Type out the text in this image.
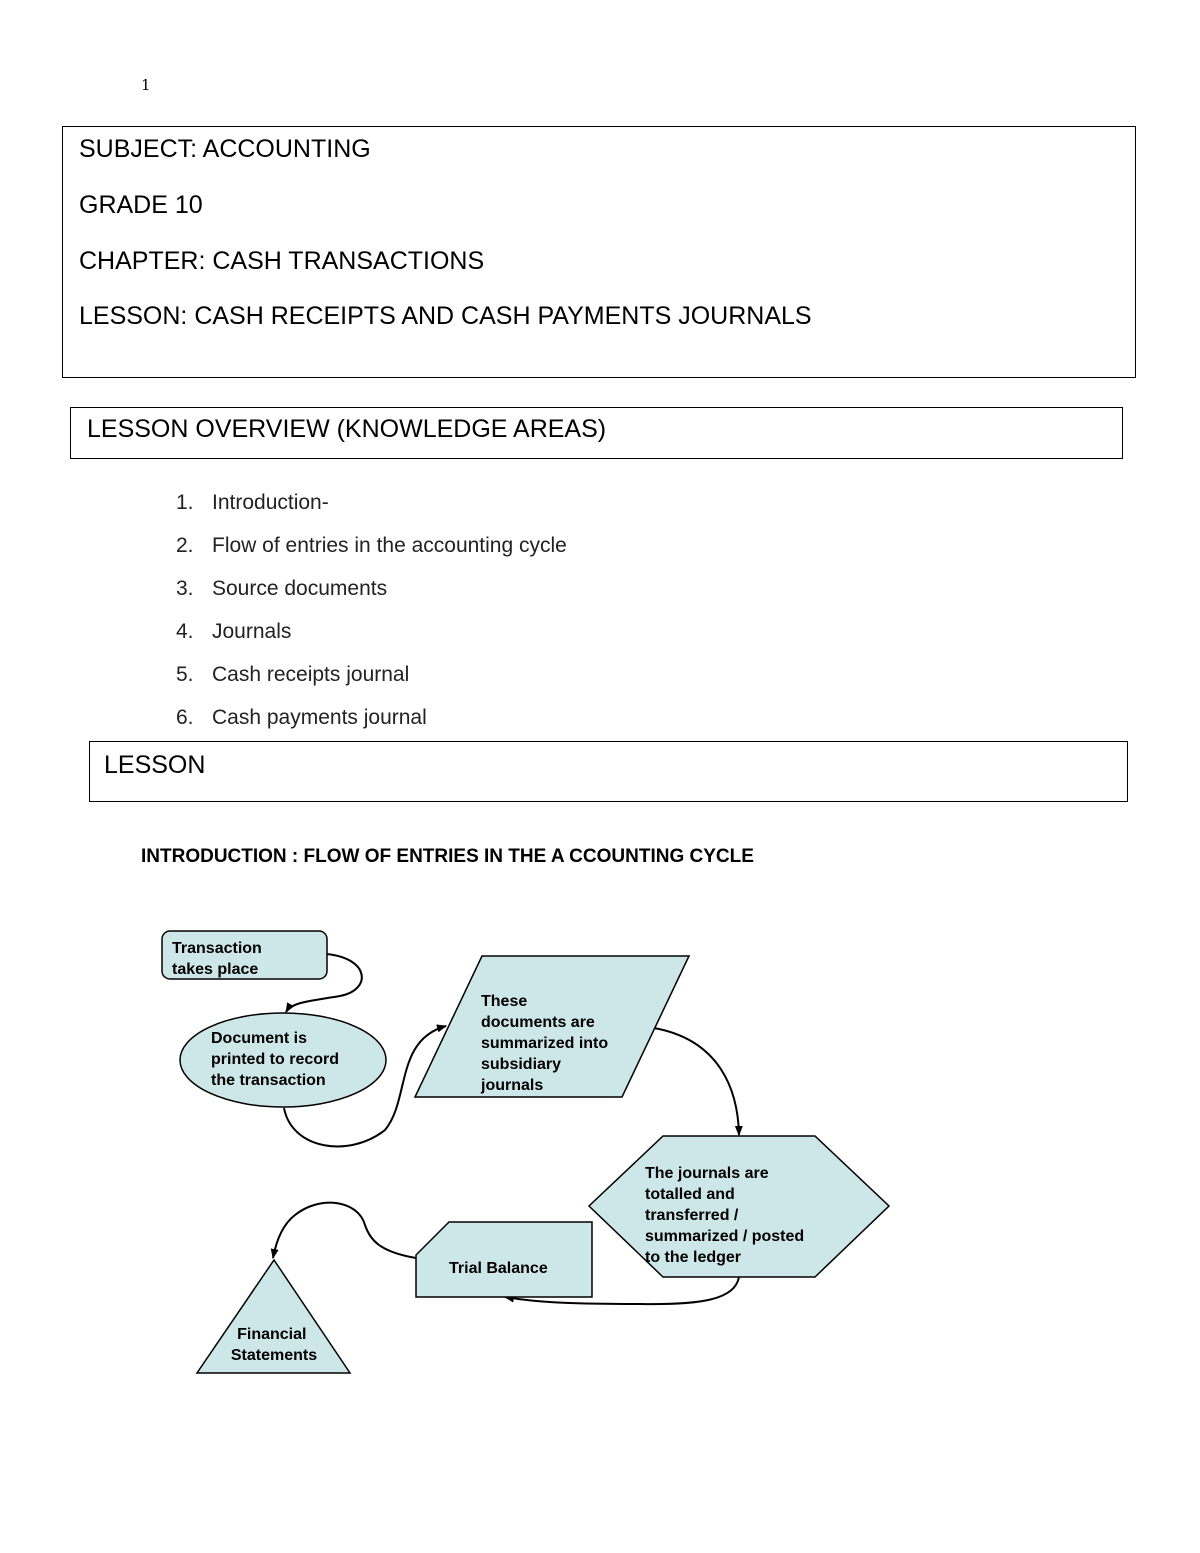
1
SUBJECT: ACCOUNTING
GRADE 10
CHAPTER: CASH TRANSACTIONS
LESSON: CASH RECEIPTS AND CASH PAYMENTS JOURNALS
LESSON OVERVIEW (KNOWLEDGE AREAS)
1. Introduction-
2. Flow of entries in the accounting cycle
3. Source documents
4. Journals
5. Cash receipts journal
6. Cash payments journal
LESSON
INTRODUCTION : FLOW OF ENTRIES IN THE A CCOUNTING CYCLE
Transaction takes place
Document is printed to record the transaction
These documents are summarized into subsidiary journals
The journals are totalled and transferred / summarized / posted to the ledger
Trial Balance
Financial Statements
